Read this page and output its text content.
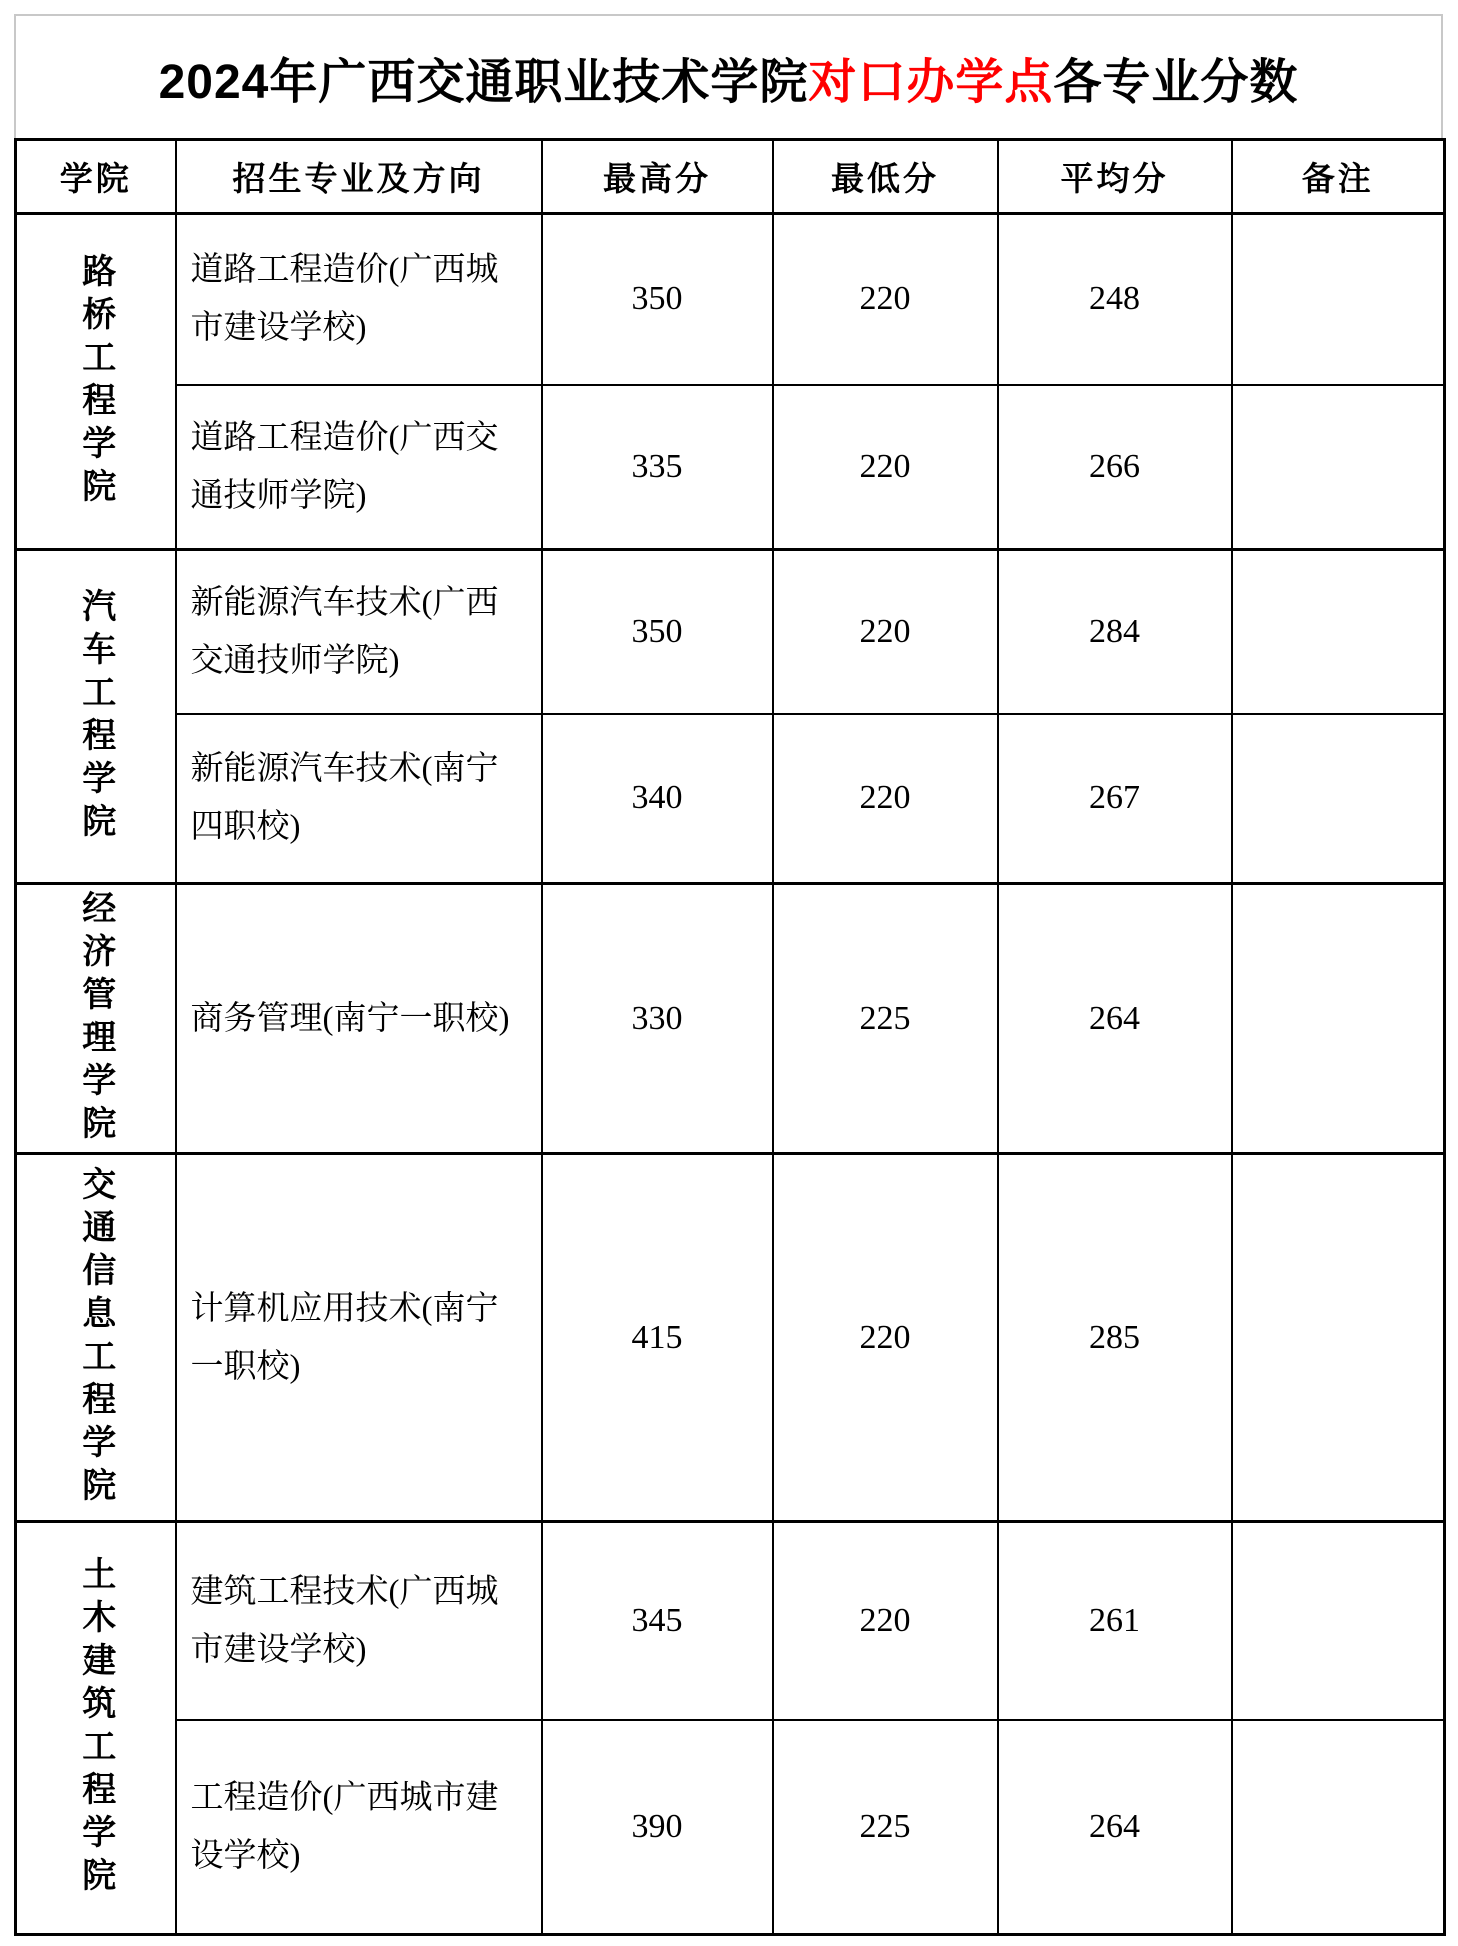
2024年广西交通职业技术学院 对口办学点 各专业分数
学院	招生专业及方向	最高分	最低分	平均分	备注

路桥工程学院	道路工程造价(广西城市建设学校)	350	220	248	

	道路工程造价(广西交通技师学院)	335	220	266	

汽车工程学院	新能源汽车技术(广西交通技师学院)	350	220	284	

	新能源汽车技术(南宁四职校)	340	220	267	

经济管理学院	商务管理(南宁一职校)	330	225	264	

交通信息工程学院	计算机应用技术(南宁一职校)	415	220	285	

土木建筑工程学院	建筑工程技术(广西城市建设学校)	345	220	261	

	工程造价(广西城市建设学校)	390	225	264	
